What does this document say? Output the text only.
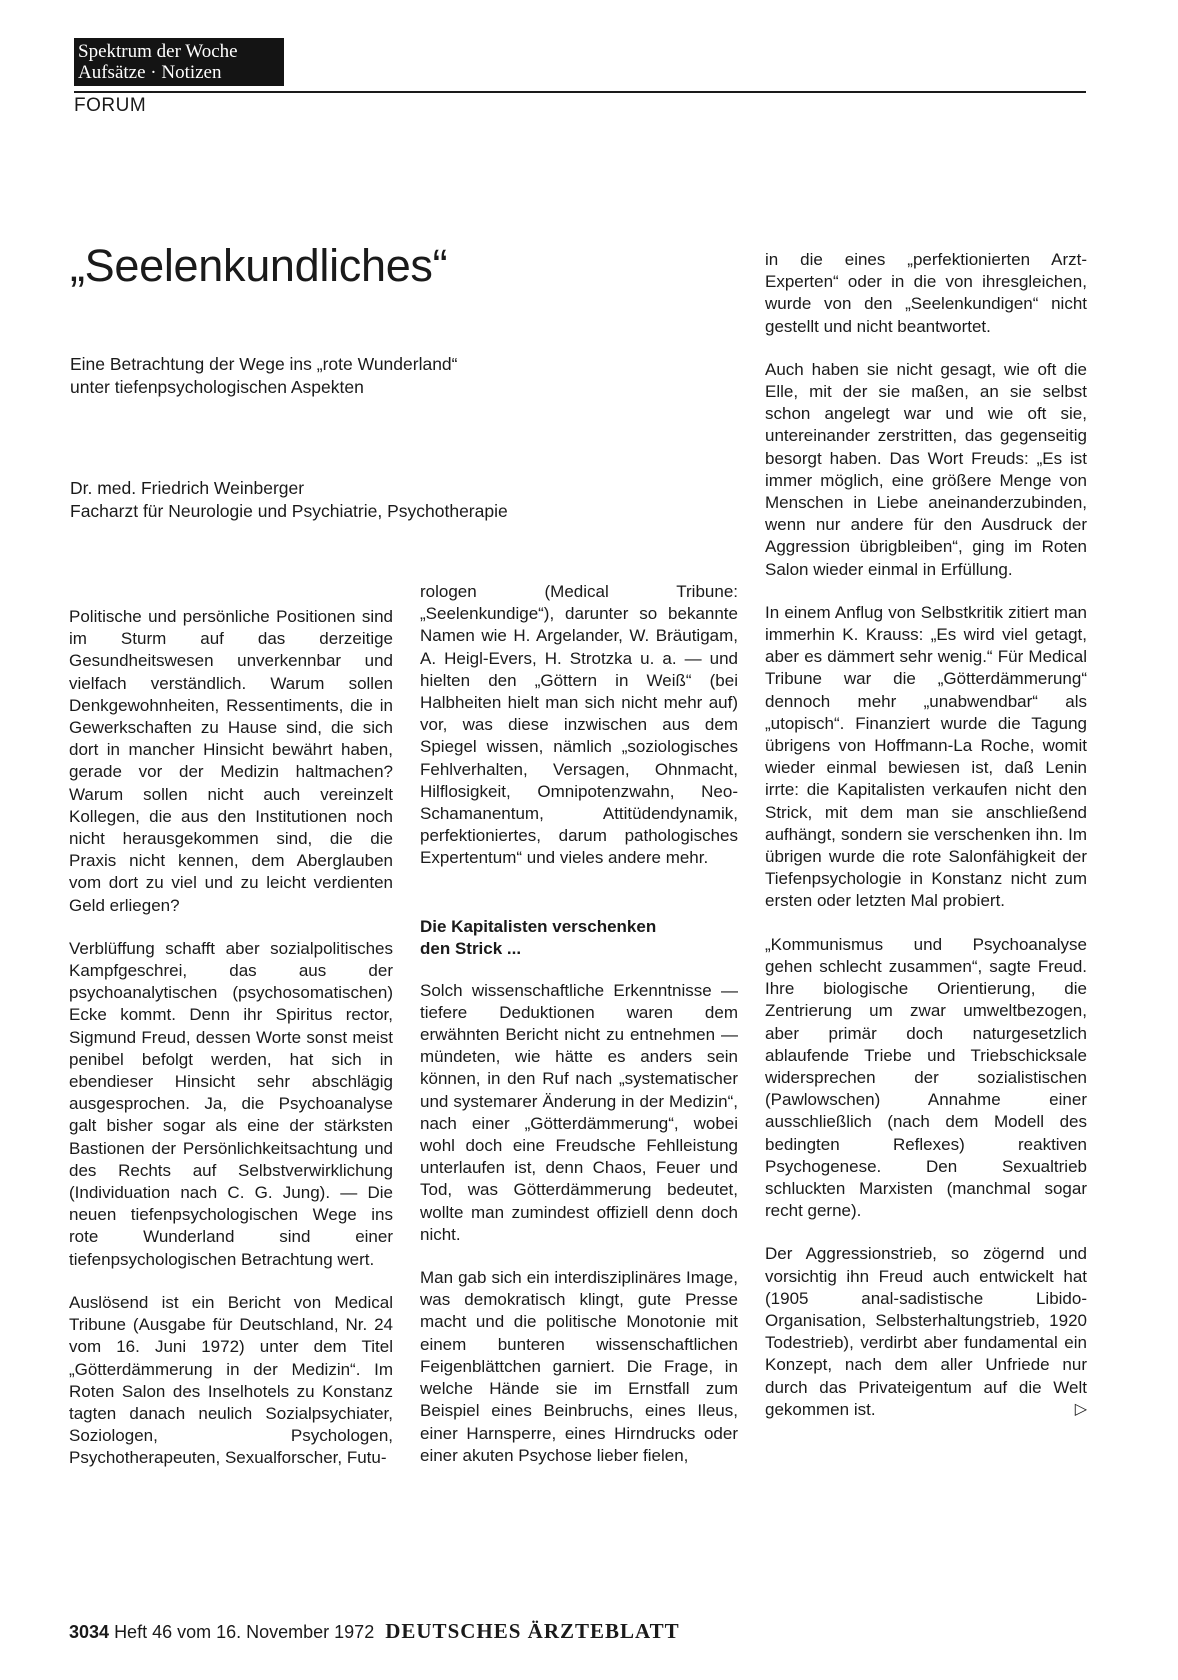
Spektrum der Woche
Aufsätze · Notizen
FORUM
„Seelenkundliches“
Eine Betrachtung der Wege ins „rote Wunderland“
unter tiefenpsychologischen Aspekten
Dr. med. Friedrich Weinberger
Facharzt für Neurologie und Psychiatrie, Psychotherapie

Politische und persönliche Positionen sind im Sturm auf das derzeitige Gesundheitswesen unverkennbar und vielfach verständlich. Warum sollen Denkgewohnheiten, Ressentiments, die in Gewerkschaften zu Hause sind, die sich dort in mancher Hinsicht bewährt haben, gerade vor der Medizin haltmachen? Warum sollen nicht auch vereinzelt Kollegen, die aus den Institutionen noch nicht herausgekommen sind, die die Praxis nicht kennen, dem Aberglauben vom dort zu viel und zu leicht verdienten Geld erliegen?

Verblüffung schafft aber sozialpolitisches Kampfgeschrei, das aus der psychoanalytischen (psychosomatischen) Ecke kommt. Denn ihr Spiritus rector, Sigmund Freud, dessen Worte sonst meist penibel befolgt werden, hat sich in ebendieser Hinsicht sehr abschlägig ausgesprochen. Ja, die Psychoanalyse galt bisher sogar als eine der stärksten Bastionen der Persönlichkeitsachtung und des Rechts auf Selbstverwirklichung (Individuation nach C. G. Jung). — Die neuen tiefenpsychologischen Wege ins rote Wunderland sind einer tiefenpsychologischen Betrachtung wert.

Auslösend ist ein Bericht von Medical Tribune (Ausgabe für Deutschland, Nr. 24 vom 16. Juni 1972) unter dem Titel „Götterdämmerung in der Medizin“. Im Roten Salon des Inselhotels zu Konstanz tagten danach neulich Sozialpsychiater, Soziologen, Psychologen, Psychotherapeuten, Sexualforscher, Futu-

rologen (Medical Tribune: „Seelenkundige“), darunter so bekannte Namen wie H. Argelander, W. Bräutigam, A. Heigl-Evers, H. Strotzka u. a. — und hielten den „Göttern in Weiß“ (bei Halbheiten hielt man sich nicht mehr auf) vor, was diese inzwischen aus dem Spiegel wissen, nämlich „soziologisches Fehlverhalten, Versagen, Ohnmacht, Hilflosigkeit, Omnipotenzwahn, Neo-Schamanentum, Attitüdendynamik, perfektioniertes, darum pathologisches Expertentum“ und vieles andere mehr.

Die Kapitalisten verschenken
den Strick ...

Solch wissenschaftliche Erkenntnisse — tiefere Deduktionen waren dem erwähnten Bericht nicht zu entnehmen — mündeten, wie hätte es anders sein können, in den Ruf nach „systematischer und systemarer Änderung in der Medizin“, nach einer „Götterdämmerung“, wobei wohl doch eine Freudsche Fehlleistung unterlaufen ist, denn Chaos, Feuer und Tod, was Götterdämmerung bedeutet, wollte man zumindest offiziell denn doch nicht.

Man gab sich ein interdisziplinäres Image, was demokratisch klingt, gute Presse macht und die politische Monotonie mit einem bunteren wissenschaftlichen Feigenblättchen garniert. Die Frage, in welche Hände sie im Ernstfall zum Beispiel eines Beinbruchs, eines Ileus, einer Harnsperre, eines Hirndrucks oder einer akuten Psychose lieber fielen,

in die eines „perfektionierten Arzt-Experten“ oder in die von ihresgleichen, wurde von den „Seelenkundigen“ nicht gestellt und nicht beantwortet.

Auch haben sie nicht gesagt, wie oft die Elle, mit der sie maßen, an sie selbst schon angelegt war und wie oft sie, untereinander zerstritten, das gegenseitig besorgt haben. Das Wort Freuds: „Es ist immer möglich, eine größere Menge von Menschen in Liebe aneinanderzubinden, wenn nur andere für den Ausdruck der Aggression übrigbleiben“, ging im Roten Salon wieder einmal in Erfüllung.

In einem Anflug von Selbstkritik zitiert man immerhin K. Krauss: „Es wird viel getagt, aber es dämmert sehr wenig.“ Für Medical Tribune war die „Götterdämmerung“ dennoch mehr „unabwendbar“ als „utopisch“. Finanziert wurde die Tagung übrigens von Hoffmann-La Roche, womit wieder einmal bewiesen ist, daß Lenin irrte: die Kapitalisten verkaufen nicht den Strick, mit dem man sie anschließend aufhängt, sondern sie verschenken ihn. Im übrigen wurde die rote Salonfähigkeit der Tiefenpsychologie in Konstanz nicht zum ersten oder letzten Mal probiert.

„Kommunismus und Psychoanalyse gehen schlecht zusammen“, sagte Freud. Ihre biologische Orientierung, die Zentrierung um zwar umweltbezogen, aber primär doch naturgesetzlich ablaufende Triebe und Triebschicksale widersprechen der sozialistischen (Pawlowschen) Annahme einer ausschließlich (nach dem Modell des bedingten Reflexes) reaktiven Psychogenese. Den Sexualtrieb schluckten Marxisten (manchmal sogar recht gerne).

Der Aggressionstrieb, so zögernd und vorsichtig ihn Freud auch entwickelt hat (1905 anal-sadistische Libido-Organisation, Selbsterhaltungstrieb, 1920 Todestrieb), verdirbt aber fundamental ein Konzept, nach dem aller Unfriede nur durch das Privateigentum auf die Welt gekommen ist.	▷

3034 Heft 46 vom 16. November 1972 DEUTSCHES ÄRZTEBLATT
